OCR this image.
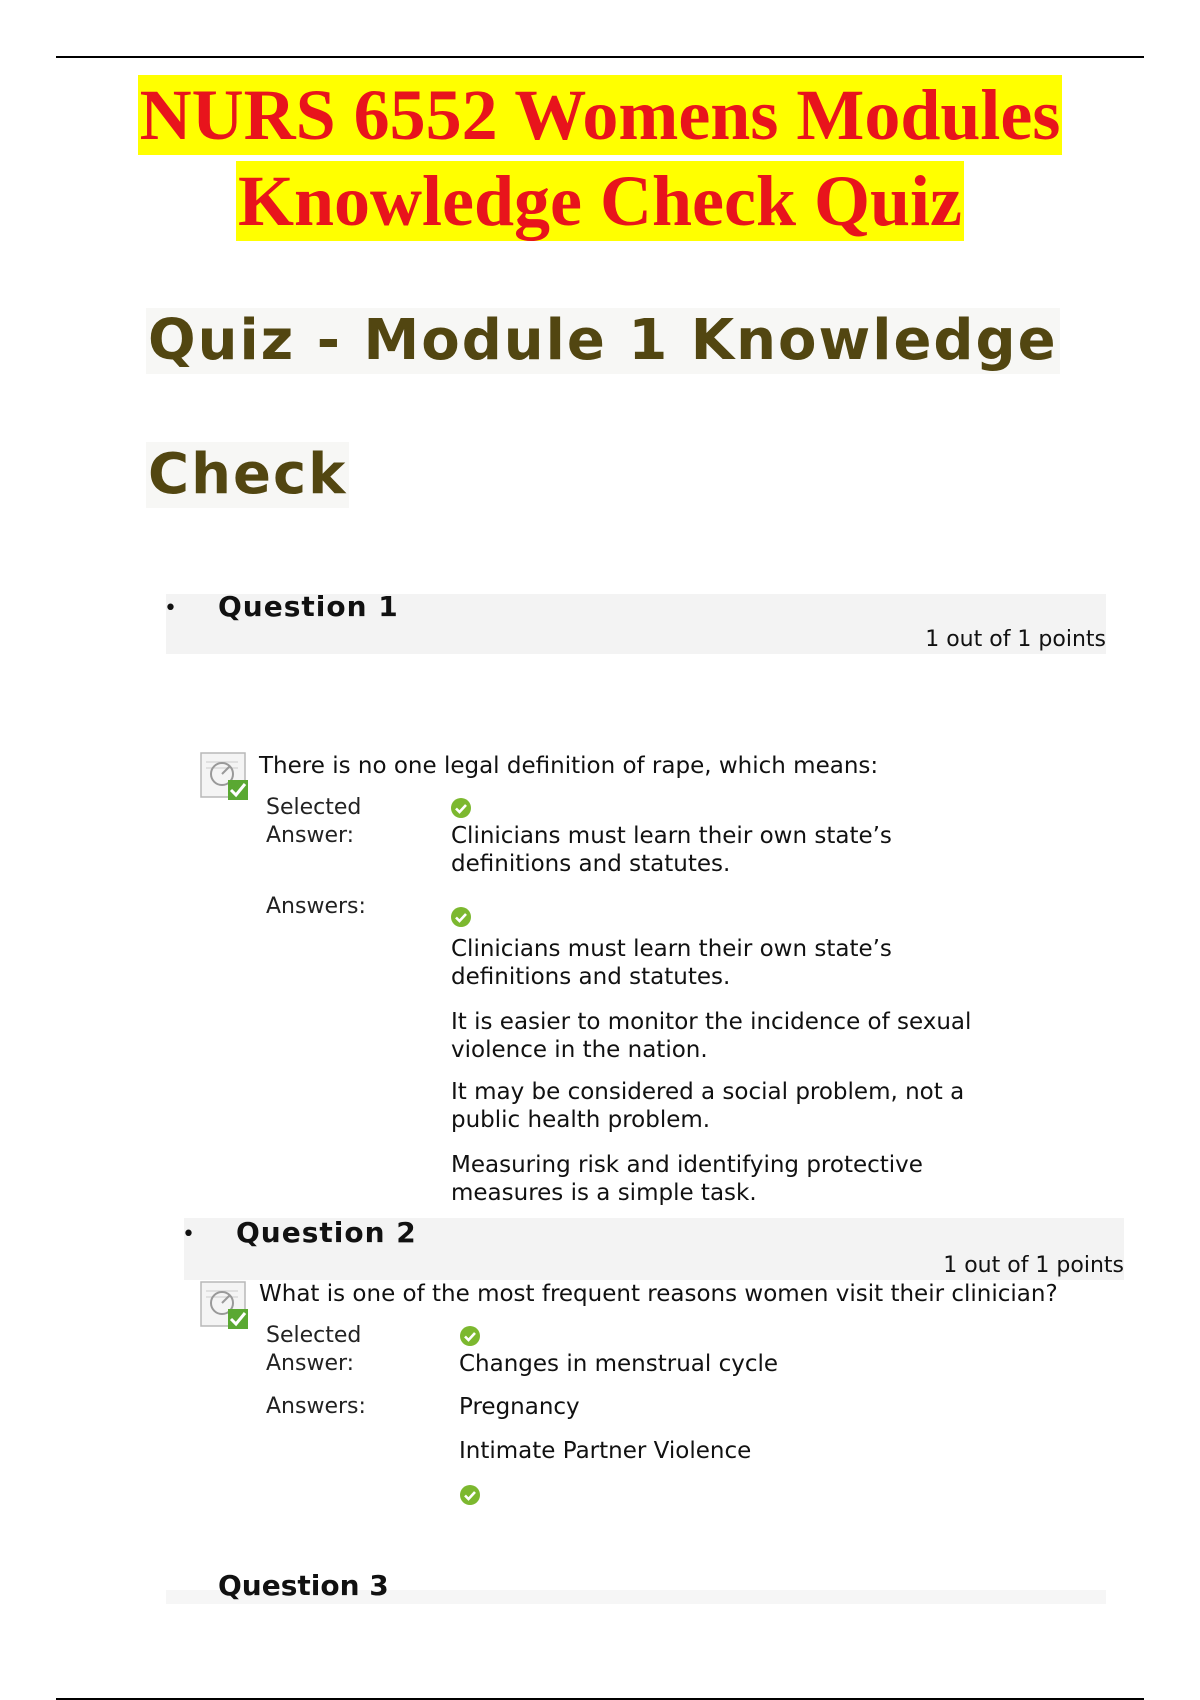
NURS 6552 Womens Modules
Knowledge Check Quiz
Quiz - Module 1 Knowledge
Check
• Question 1
1 out of 1 points
There is no one legal definition of rape, which means:
Selected
Answer:	Clinicians must learn their own state’s definitions and statutes.
Answers:
Clinicians must learn their own state’s definitions and statutes.
It is easier to monitor the incidence of sexual violence in the nation.
It may be considered a social problem, not a public health problem.
Measuring risk and identifying protective measures is a simple task.
• Question 2
1 out of 1 points
What is one of the most frequent reasons women visit their clinician?
Selected
Answer:	Changes in menstrual cycle
Answers:	Pregnancy
Intimate Partner Violence
Question 3
